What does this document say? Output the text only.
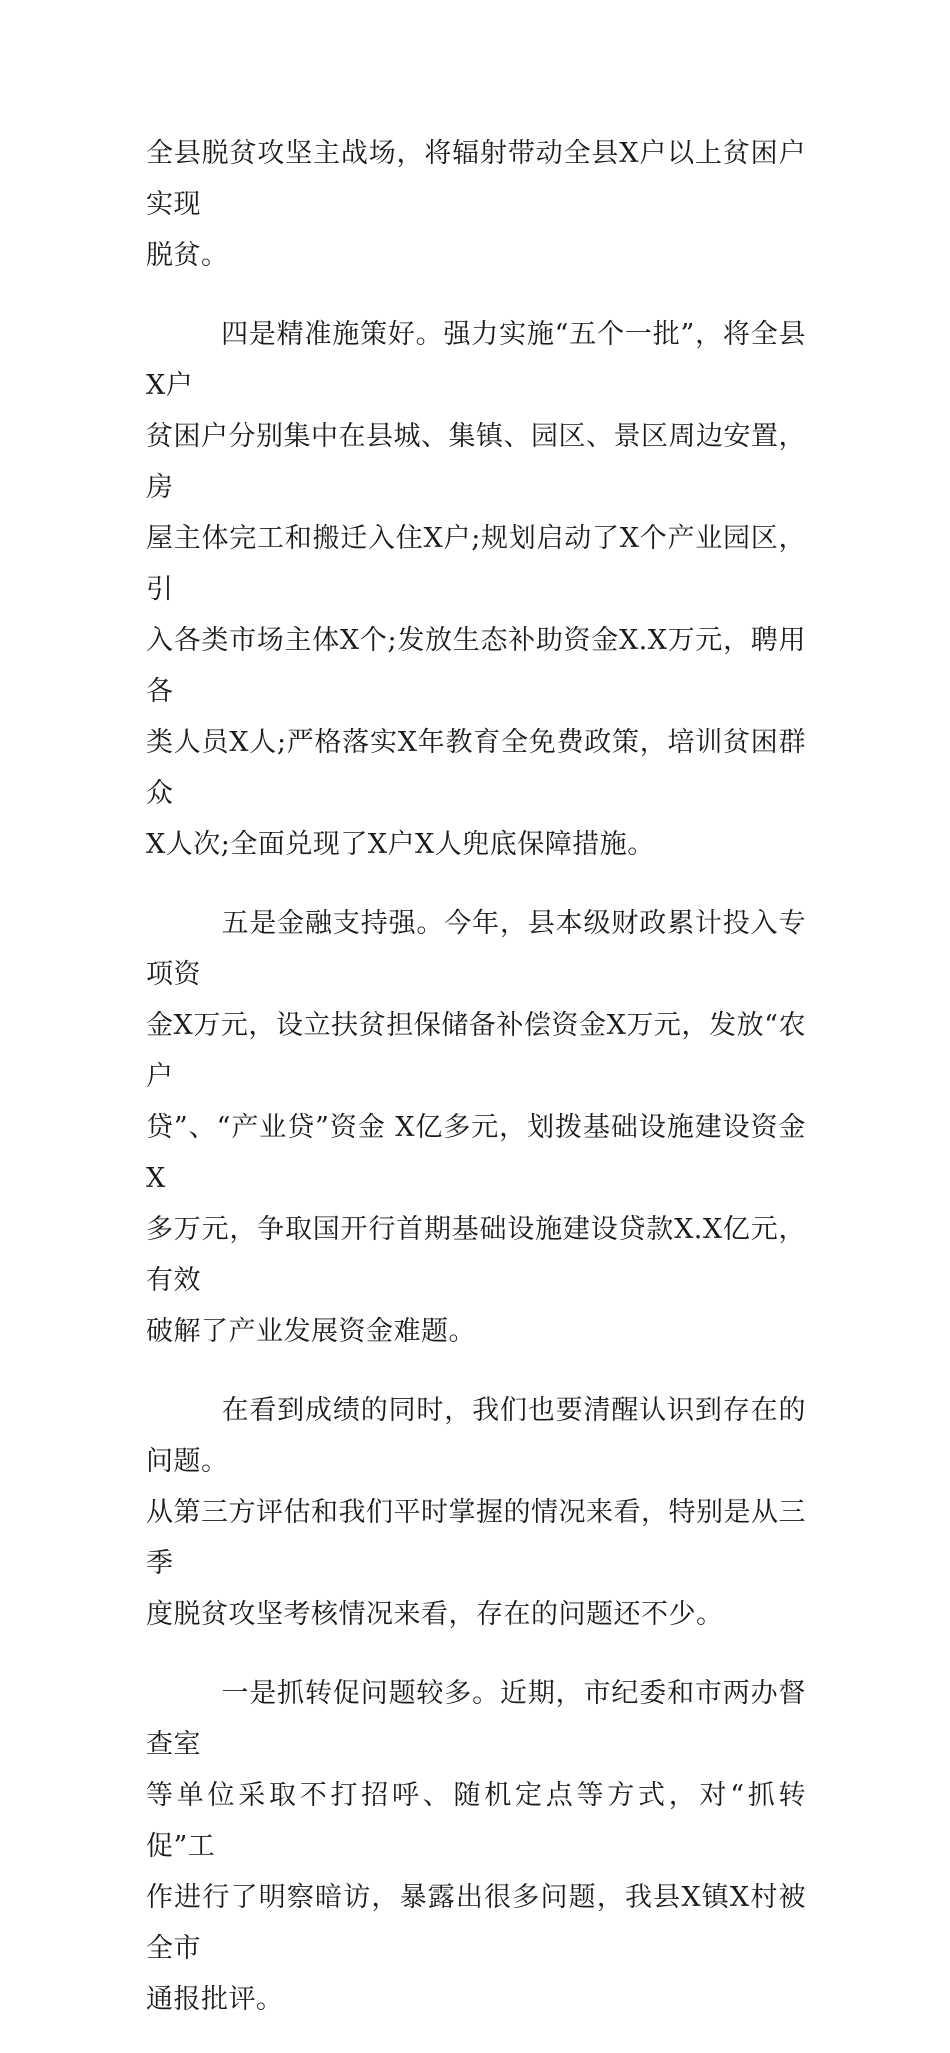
全县脱贫攻坚主战场，将辐射带动全县X户以上贫困户实现
脱贫。

四是精准施策好。强力实施“五个一批”，将全县X户
贫困户分别集中在县城、集镇、园区、景区周边安置，房
屋主体完工和搬迁入住X户;规划启动了X个产业园区，引
入各类市场主体X个;发放生态补助资金X.X万元，聘用各
类人员X人;严格落实X年教育全免费政策，培训贫困群众
X人次;全面兑现了X户X人兜底保障措施。

五是金融支持强。今年，县本级财政累计投入专项资
金X万元，设立扶贫担保储备补偿资金X万元，发放“农户
贷”、“产业贷”资金 X亿多元，划拨基础设施建设资金X
多万元，争取国开行首期基础设施建设贷款X.X亿元，有效
破解了产业发展资金难题。

在看到成绩的同时，我们也要清醒认识到存在的问题。
从第三方评估和我们平时掌握的情况来看，特别是从三季
度脱贫攻坚考核情况来看，存在的问题还不少。

一是抓转促问题较多。近期，市纪委和市两办督查室
等单位采取不打招呼、随机定点等方式，对“抓转促”工
作进行了明察暗访，暴露出很多问题，我县X镇X村被全市
通报批评。
